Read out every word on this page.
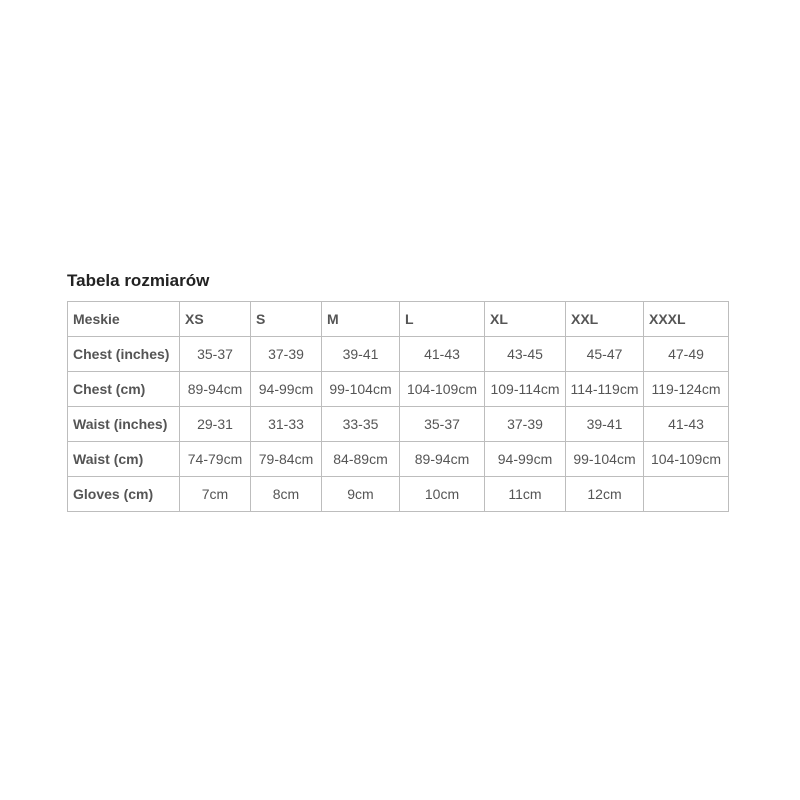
Tabela rozmiarów
Meskie	XS	S	M	L	XL	XXL	XXXL
Chest (inches)	35-37	37-39	39-41	41-43	43-45	45-47	47-49
Chest (cm)	89-94cm	94-99cm	99-104cm	104-109cm	109-114cm	114-119cm	119-124cm
Waist (inches)	29-31	31-33	33-35	35-37	37-39	39-41	41-43
Waist (cm)	74-79cm	79-84cm	84-89cm	89-94cm	94-99cm	99-104cm	104-109cm
Gloves (cm)	7cm	8cm	9cm	10cm	11cm	12cm	
